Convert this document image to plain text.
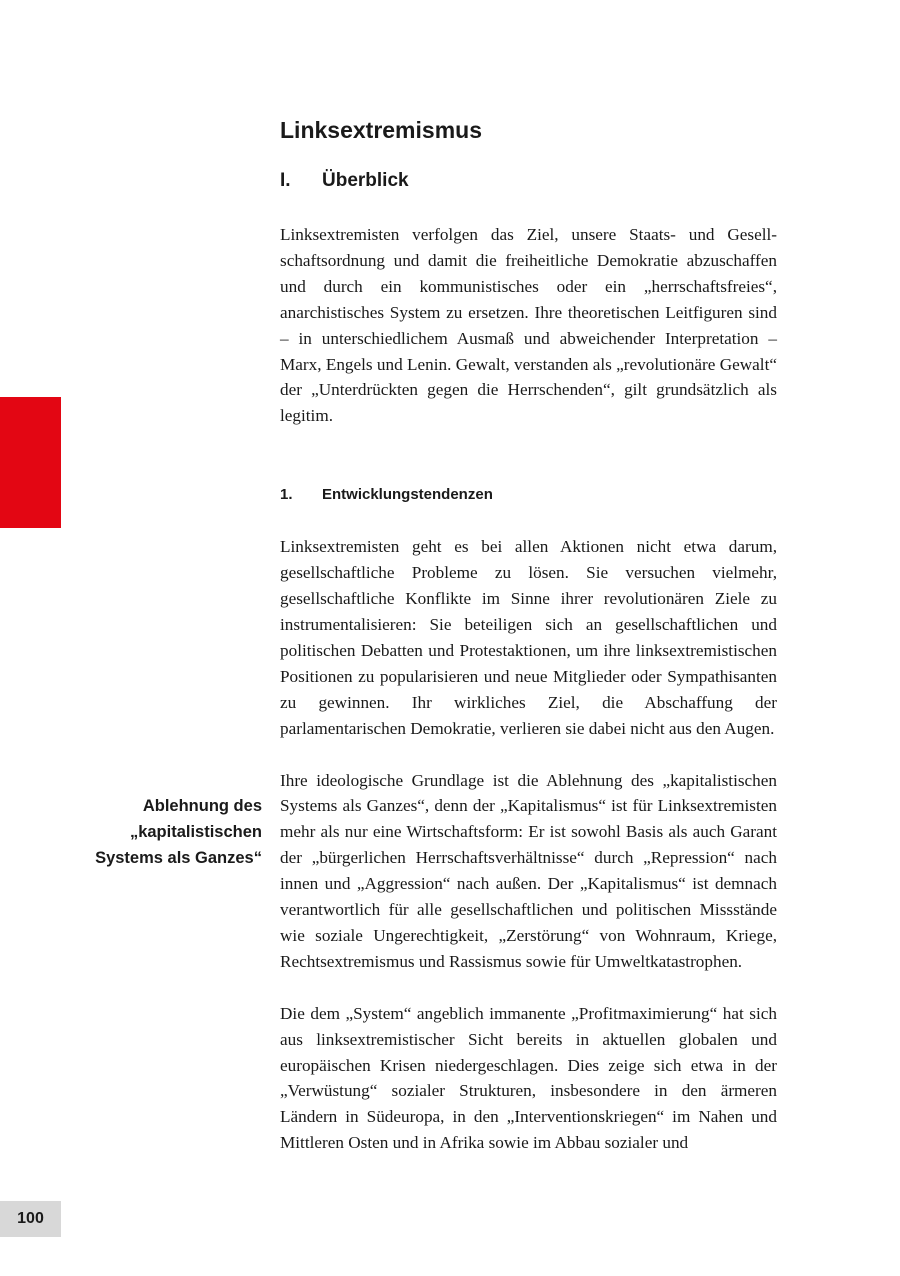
100
Ablehnung des
„kapitalistischen
Systems als Ganzes“
Linksextremismus
I.	Überblick

Linksextremisten verfolgen das Ziel, unsere Staats- und Gesellschaftsordnung und damit die freiheitliche Demokratie abzuschaffen und durch ein kommunistisches oder ein „herrschaftsfreies“, anarchistisches System zu ersetzen. Ihre theoretischen Leitfiguren sind – in unterschiedlichem Ausmaß und abweichender Interpretation – Marx, Engels und Lenin. Gewalt, verstanden als „revolutionäre Gewalt“ der „Unterdrückten gegen die Herrschenden“, gilt grundsätzlich als legitim.

1.	Entwicklungstendenzen

Linksextremisten geht es bei allen Aktionen nicht etwa darum, gesellschaftliche Probleme zu lösen. Sie versuchen vielmehr, gesellschaftliche Konflikte im Sinne ihrer revolutionären Ziele zu instrumentalisieren: Sie beteiligen sich an gesellschaftlichen und politischen Debatten und Protestaktionen, um ihre linksextremistischen Positionen zu popularisieren und neue Mitglieder oder Sympathisanten zu gewinnen. Ihr wirkliches Ziel, die Abschaffung der parlamentarischen Demokratie, verlieren sie dabei nicht aus den Augen.

Ihre ideologische Grundlage ist die Ablehnung des „kapitalistischen Systems als Ganzes“, denn der „Kapitalismus“ ist für Linksextremisten mehr als nur eine Wirtschaftsform: Er ist sowohl Basis als auch Garant der „bürgerlichen Herrschaftsverhältnisse“ durch „Repression“ nach innen und „Aggression“ nach außen. Der „Kapitalismus“ ist demnach verantwortlich für alle gesellschaftlichen und politischen Missstände wie soziale Ungerechtigkeit, „Zerstörung“ von Wohnraum, Kriege, Rechtsextremismus und Rassismus sowie für Umweltkatastrophen.

Die dem „System“ angeblich immanente „Profitmaximierung“ hat sich aus linksextremistischer Sicht bereits in aktuellen globalen und europäischen Krisen niedergeschlagen. Dies zeige sich etwa in der „Verwüstung“ sozialer Strukturen, insbesondere in den ärmeren Ländern in Südeuropa, in den „Interventionskriegen“ im Nahen und Mittleren Osten und in Afrika sowie im Abbau sozialer und
